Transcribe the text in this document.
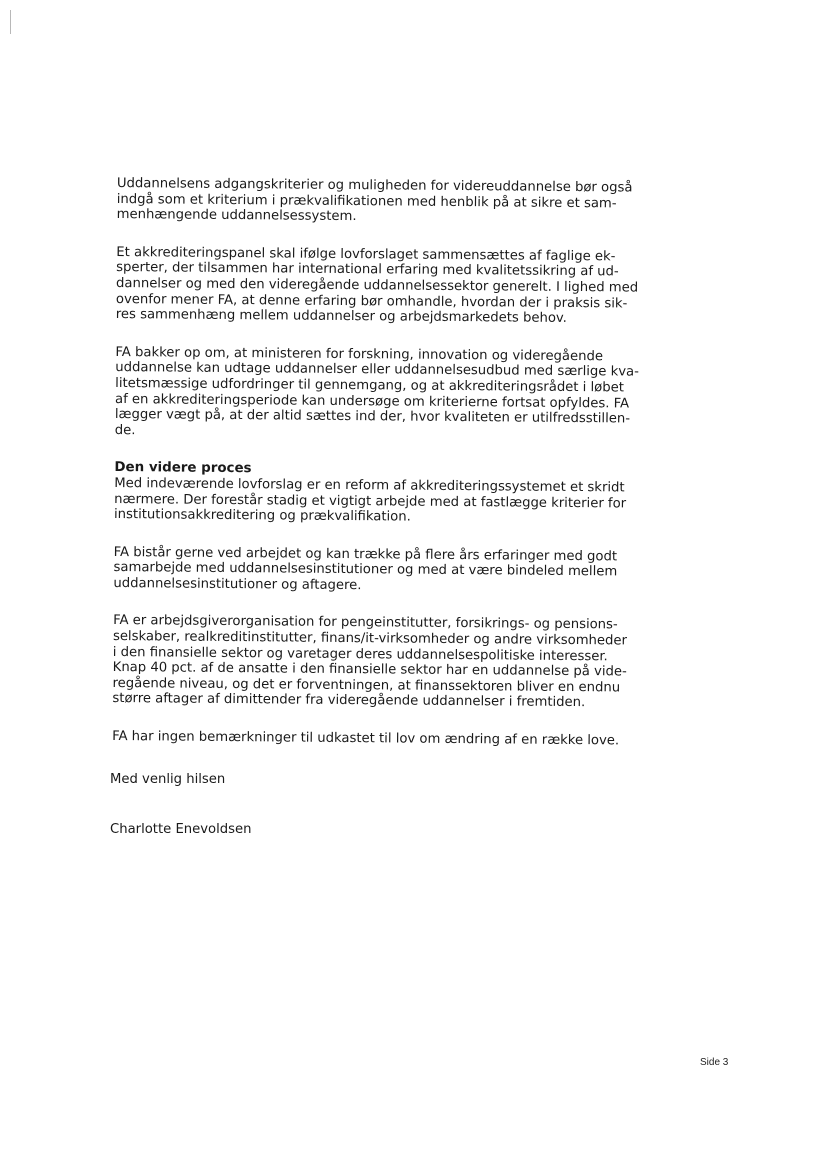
Uddannelsens adgangskriterier og muligheden for videreuddannelse bør også
indgå som et kriterium i prækvalifikationen med henblik på at sikre et sam-
menhængende uddannelsessystem.

Et akkrediteringspanel skal ifølge lovforslaget sammensættes af faglige ek-
sperter, der tilsammen har international erfaring med kvalitetssikring af ud-
dannelser og med den videregående uddannelsessektor generelt. I lighed med
ovenfor mener FA, at denne erfaring bør omhandle, hvordan der i praksis sik-
res sammenhæng mellem uddannelser og arbejdsmarkedets behov.

FA bakker op om, at ministeren for forskning, innovation og videregående
uddannelse kan udtage uddannelser eller uddannelsesudbud med særlige kva-
litetsmæssige udfordringer til gennemgang, og at akkrediteringsrådet i løbet
af en akkrediteringsperiode kan undersøge om kriterierne fortsat opfyldes. FA
lægger vægt på, at der altid sættes ind der, hvor kvaliteten er utilfredsstillen-
de.

Den videre proces

Med indeværende lovforslag er en reform af akkrediteringssystemet et skridt
nærmere. Der forestår stadig et vigtigt arbejde med at fastlægge kriterier for
institutionsakkreditering og prækvalifikation.

FA bistår gerne ved arbejdet og kan trække på flere års erfaringer med godt
samarbejde med uddannelsesinstitutioner og med at være bindeled mellem
uddannelsesinstitutioner og aftagere.

FA er arbejdsgiverorganisation for pengeinstitutter, forsikrings- og pensions-
selskaber, realkreditinstitutter, finans/it-virksomheder og andre virksomheder
i den finansielle sektor og varetager deres uddannelsespolitiske interesser.
Knap 40 pct. af de ansatte i den finansielle sektor har en uddannelse på vide-
regående niveau, og det er forventningen, at finanssektoren bliver en endnu
større aftager af dimittender fra videregående uddannelser i fremtiden.

FA har ingen bemærkninger til udkastet til lov om ændring af en række love.

Med venlig hilsen
Charlotte Enevoldsen
Side 3
